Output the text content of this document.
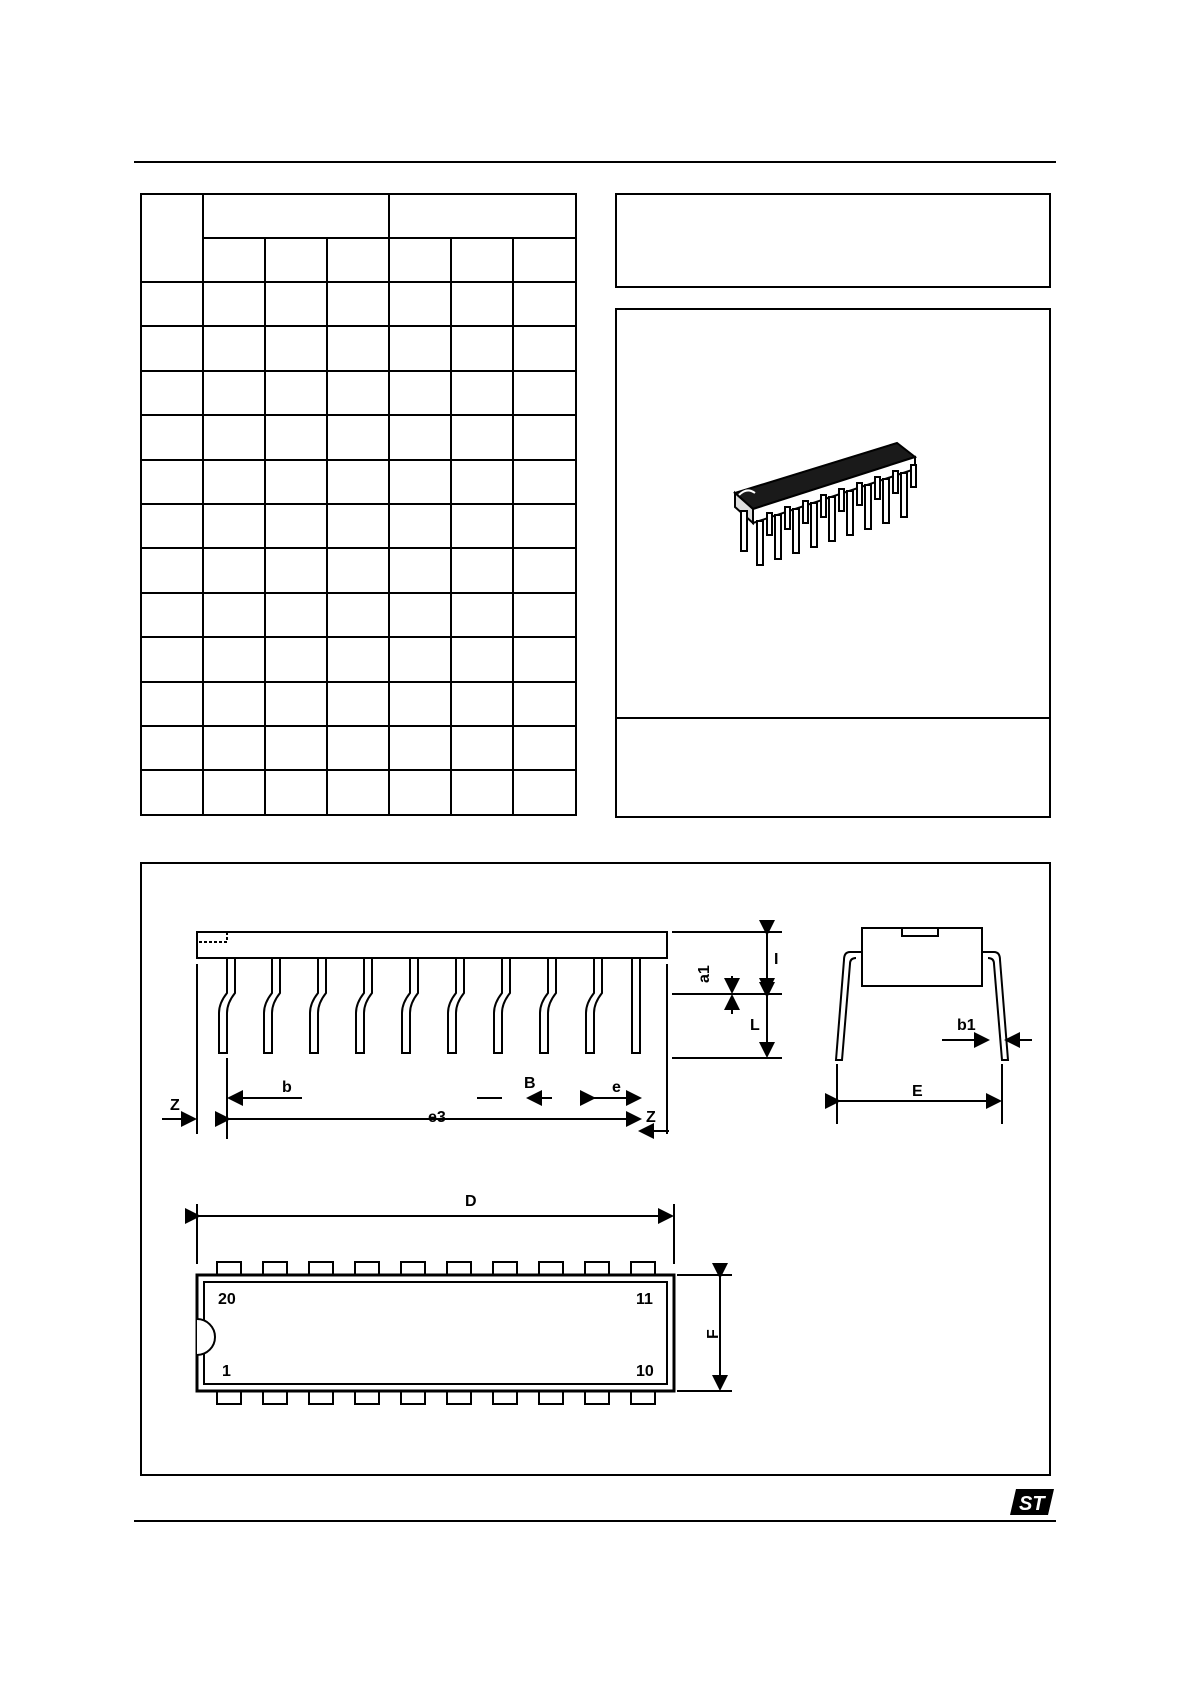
a1
I
L
b	B	e
e3
Z
Z
b1
E
D
F
20	11
1	10
ST
